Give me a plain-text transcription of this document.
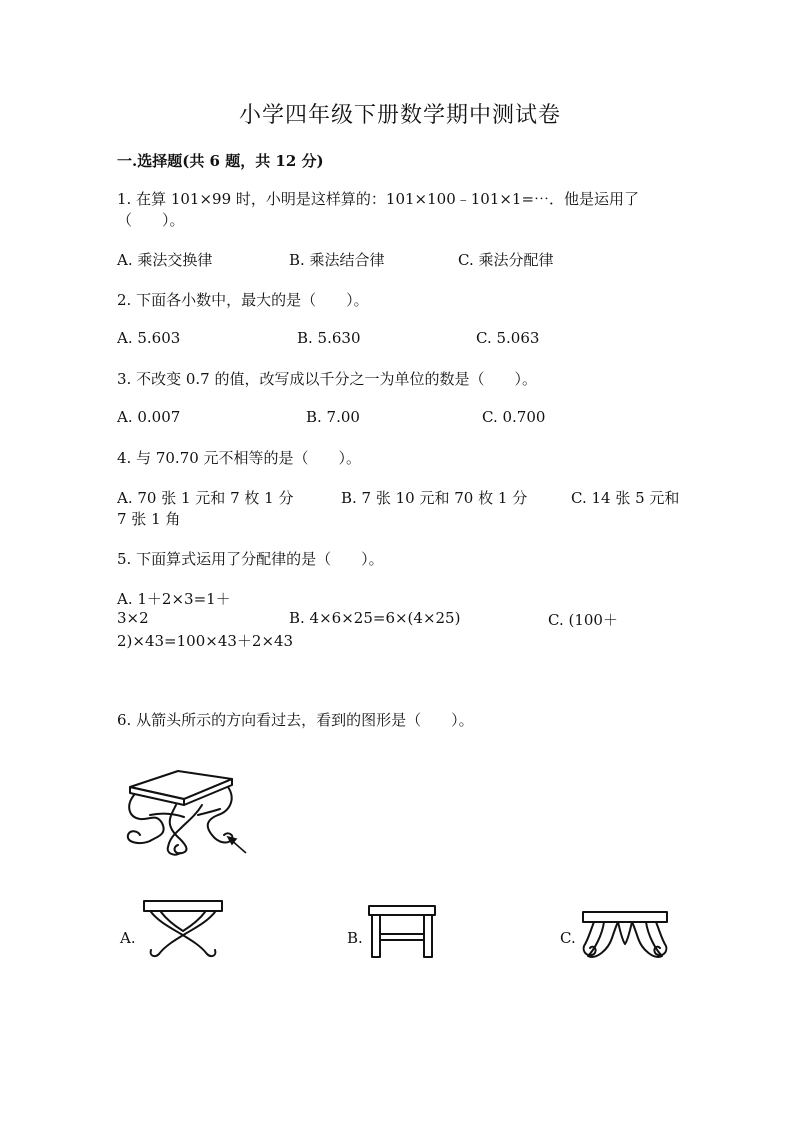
小学四年级下册数学期中测试卷
一.选择题(共 6 题，共 12 分)
1. 在算 101×99 时，小明是这样算的：101×100﹣101×1=⋯．他是运用了
（　　）。
A. 乘法交换律	B. 乘法结合律	C. 乘法分配律
2. 下面各小数中，最大的是（　　）。
A. 5.603	B. 5.630	C. 5.063
3. 不改变 0.7 的值，改写成以千分之一为单位的数是（　　）。
A. 0.007	B. 7.00	C. 0.700
4. 与 70.70 元不相等的是（　　）。
A. 70 张 1 元和 7 枚 1 分	B. 7 张 10 元和 70 枚 1 分	C. 14 张 5 元和
7 张 1 角
5. 下面算式运用了分配律的是（　　）。
A. 1＋2×3=1＋
3×2	B. 4×6×25=6×(4×25)	C. (100＋
2)×43=100×43＋2×43
6. 从箭头所示的方向看过去，看到的图形是（　　）。
A.	B.	C.
